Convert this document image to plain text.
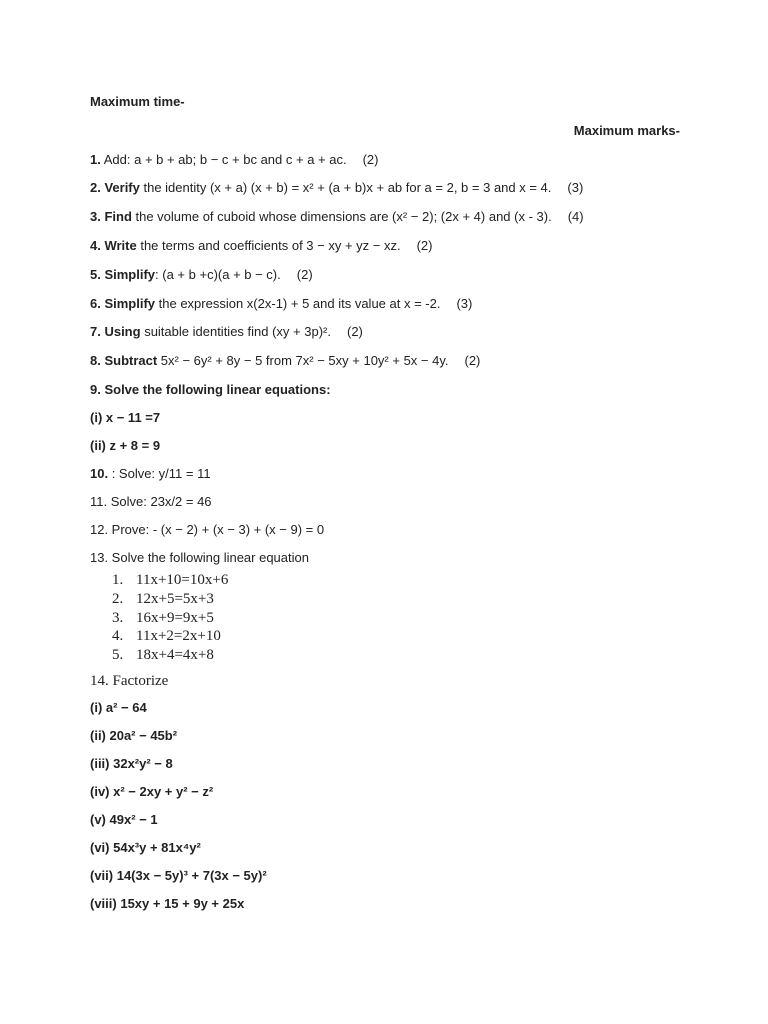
Maximum time-
Maximum marks-
1. Add: a + b + ab; b − c + bc and c + a + ac. (2)
2. Verify the identity (x + a) (x + b) = x² + (a + b)x + ab for a = 2, b = 3 and x = 4. (3)
3. Find the volume of cuboid whose dimensions are (x² − 2); (2x + 4) and (x - 3). (4)
4. Write the terms and coefficients of 3 − xy + yz − xz. (2)
5. Simplify: (a + b +c)(a + b − c). (2)
6. Simplify the expression x(2x-1) + 5 and its value at x = -2. (3)
7. Using suitable identities find (xy + 3p)². (2)
8. Subtract 5x² − 6y² + 8y − 5 from 7x² − 5xy + 10y² + 5x − 4y. (2)
9. Solve the following linear equations:
(i) x − 11 =7
(ii) z + 8 = 9
10. : Solve: y/11 = 11
11. Solve: 23x/2 = 46
12. Prove: - (x − 2) + (x − 3) + (x − 9) = 0
13. Solve the following linear equation
1. 11x+10=10x+6
2. 12x+5=5x+3
3. 16x+9=9x+5
4. 11x+2=2x+10
5. 18x+4=4x+8
14. Factorize
(i) a² − 64
(ii) 20a² − 45b²
(iii) 32x²y² − 8
(iv) x² − 2xy + y² − z²
(v) 49x² − 1
(vi) 54x³y + 81x⁴y²
(vii) 14(3x − 5y)³ + 7(3x − 5y)²
(viii) 15xy + 15 + 9y + 25x
